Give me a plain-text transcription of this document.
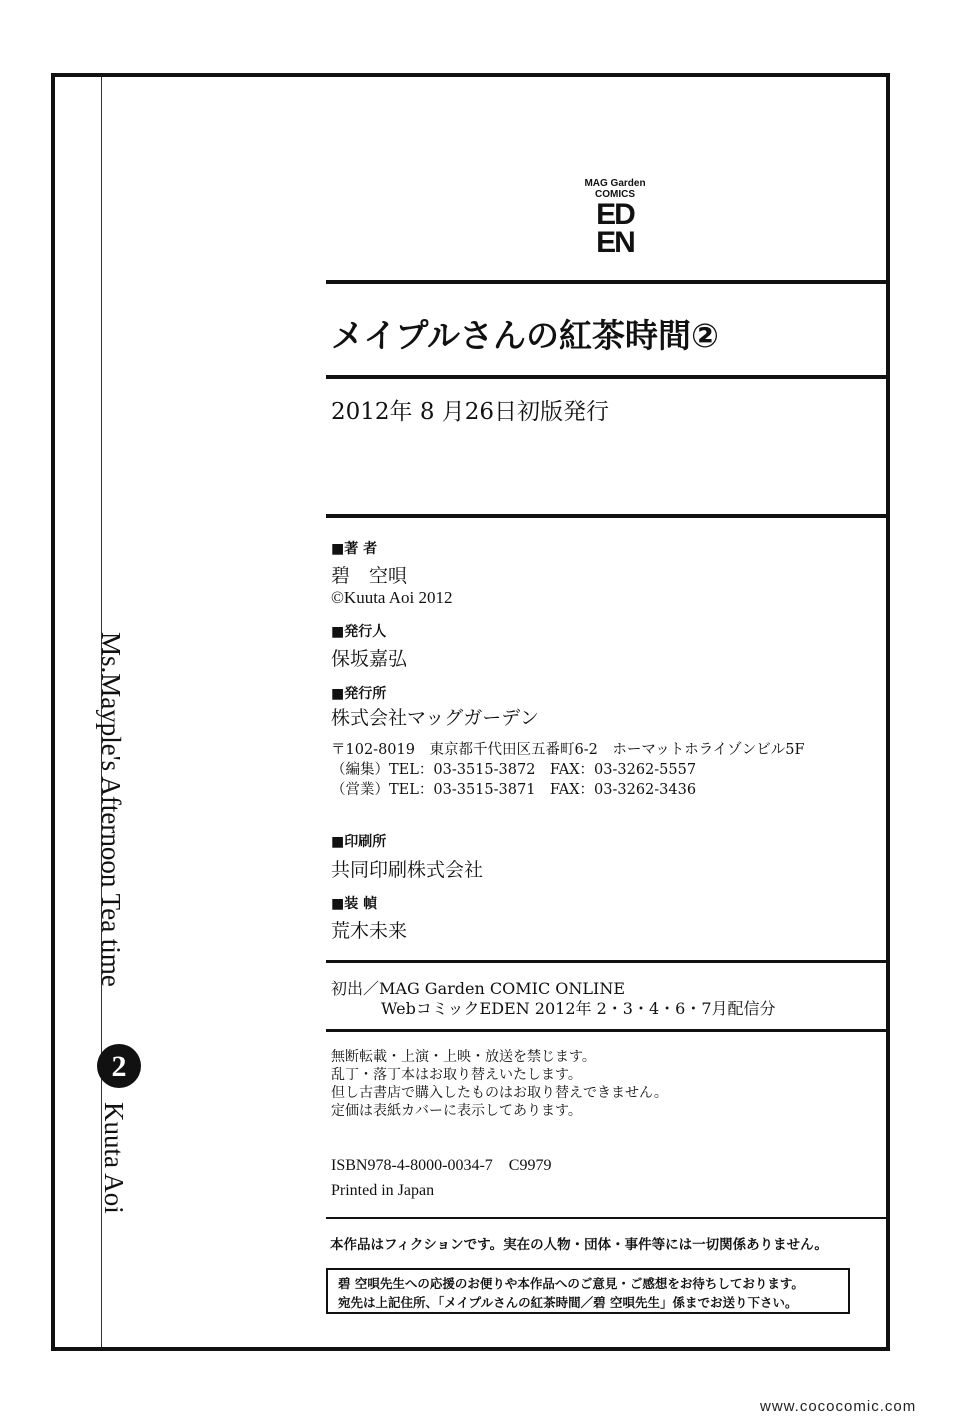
Ms.Mayple's Afternoon Tea time
2
Kuuta Aoi
MAG Garden
COMICS
ED
EN
メイプルさんの紅茶時間②
2012年 8 月26日初版発行
■著 者
碧　空唄
©Kuuta Aoi 2012
■発行人
保坂嘉弘
■発行所
株式会社マッグガーデン
〒102-8019　東京都千代田区五番町6-2　ホーマットホライゾンビル5F
（編集）TEL：03-3515-3872　FAX：03-3262-5557
（営業）TEL：03-3515-3871　FAX：03-3262-3436
■印刷所
共同印刷株式会社
■装 幀
荒木未来
初出／MAG Garden COMIC ONLINE
WebコミックEDEN 2012年 2・3・4・6・7月配信分
無断転載・上演・上映・放送を禁じます。
乱丁・落丁本はお取り替えいたします。
但し古書店で購入したものはお取り替えできません。
定価は表紙カバーに表示してあります。
ISBN978-4-8000-0034-7　C9979
Printed in Japan
本作品はフィクションです。実在の人物・団体・事件等には一切関係ありません。
碧 空唄先生への応援のお便りや本作品へのご意見・ご感想をお待ちしております。
宛先は上記住所、「メイプルさんの紅茶時間／碧 空唄先生」係までお送り下さい。
www.cococomic.com
